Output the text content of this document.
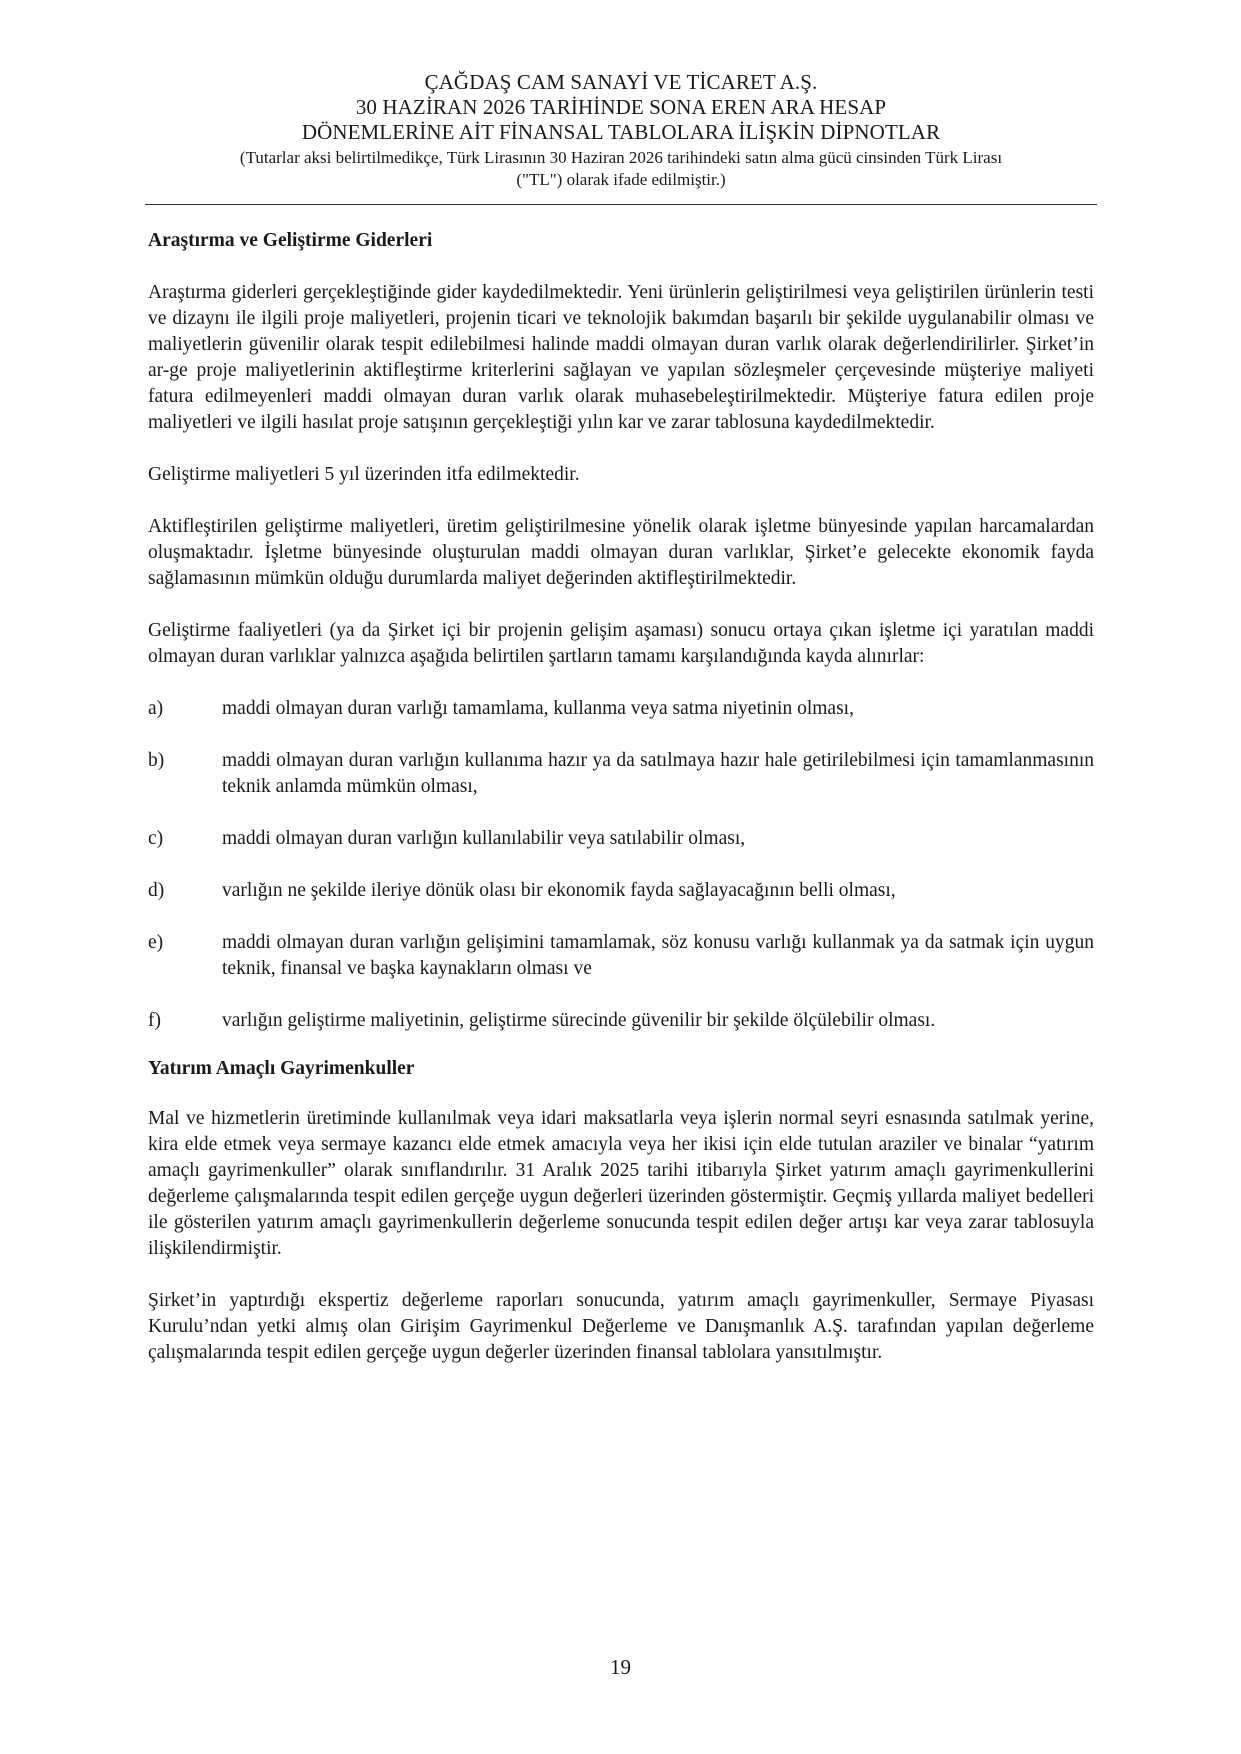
ÇAĞDAŞ CAM SANAYİ VE TİCARET A.Ş.
30 HAZİRAN 2026 TARİHİNDE SONA EREN ARA HESAP
DÖNEMLERİNE AİT FİNANSAL TABLOLARA İLİŞKİN DİPNOTLAR
(Tutarlar aksi belirtilmedikçe, Türk Lirasının 30 Haziran 2026 tarihindeki satın alma gücü cinsinden Türk Lirası
("TL") olarak ifade edilmiştir.)
Araştırma ve Geliştirme Giderleri

Araştırma giderleri gerçekleştiğinde gider kaydedilmektedir. Yeni ürünlerin geliştirilmesi veya geliştirilen ürünlerin testi ve dizaynı ile ilgili proje maliyetleri, projenin ticari ve teknolojik bakımdan başarılı bir şekilde uygulanabilir olması ve maliyetlerin güvenilir olarak tespit edilebilmesi halinde maddi olmayan duran varlık olarak değerlendirilirler. Şirket’in ar-ge proje maliyetlerinin aktifleştirme kriterlerini sağlayan ve yapılan sözleşmeler çerçevesinde müşteriye maliyeti fatura edilmeyenleri maddi olmayan duran varlık olarak muhasebeleştirilmektedir. Müşteriye fatura edilen proje maliyetleri ve ilgili hasılat proje satışının gerçekleştiği yılın kar ve zarar tablosuna kaydedilmektedir.

Geliştirme maliyetleri 5 yıl üzerinden itfa edilmektedir.

Aktifleştirilen geliştirme maliyetleri, üretim geliştirilmesine yönelik olarak işletme bünyesinde yapılan harcamalardan oluşmaktadır. İşletme bünyesinde oluşturulan maddi olmayan duran varlıklar, Şirket’e gelecekte ekonomik fayda sağlamasının mümkün olduğu durumlarda maliyet değerinden aktifleştirilmektedir.

Geliştirme faaliyetleri (ya da Şirket içi bir projenin gelişim aşaması) sonucu ortaya çıkan işletme içi yaratılan maddi olmayan duran varlıklar yalnızca aşağıda belirtilen şartların tamamı karşılandığında kayda alınırlar:

a)	maddi olmayan duran varlığı tamamlama, kullanma veya satma niyetinin olması,
b)	maddi olmayan duran varlığın kullanıma hazır ya da satılmaya hazır hale getirilebilmesi için tamamlanmasının teknik anlamda mümkün olması,
c)	maddi olmayan duran varlığın kullanılabilir veya satılabilir olması,
d)	varlığın ne şekilde ileriye dönük olası bir ekonomik fayda sağlayacağının belli olması,
e)	maddi olmayan duran varlığın gelişimini tamamlamak, söz konusu varlığı kullanmak ya da satmak için uygun teknik, finansal ve başka kaynakların olması ve
f)	varlığın geliştirme maliyetinin, geliştirme sürecinde güvenilir bir şekilde ölçülebilir olması.
Yatırım Amaçlı Gayrimenkuller

Mal ve hizmetlerin üretiminde kullanılmak veya idari maksatlarla veya işlerin normal seyri esnasında satılmak yerine, kira elde etmek veya sermaye kazancı elde etmek amacıyla veya her ikisi için elde tutulan araziler ve binalar “yatırım amaçlı gayrimenkuller” olarak sınıflandırılır. 31 Aralık 2025 tarihi itibarıyla Şirket yatırım amaçlı gayrimenkullerini değerleme çalışmalarında tespit edilen gerçeğe uygun değerleri üzerinden göstermiştir. Geçmiş yıllarda maliyet bedelleri ile gösterilen yatırım amaçlı gayrimenkullerin değerleme sonucunda tespit edilen değer artışı kar veya zarar tablosuyla ilişkilendirmiştir.

Şirket’in yaptırdığı ekspertiz değerleme raporları sonucunda, yatırım amaçlı gayrimenkuller, Sermaye Piyasası Kurulu’ndan yetki almış olan Girişim Gayrimenkul Değerleme ve Danışmanlık A.Ş. tarafından yapılan değerleme çalışmalarında tespit edilen gerçeğe uygun değerler üzerinden finansal tablolara yansıtılmıştır.

19
